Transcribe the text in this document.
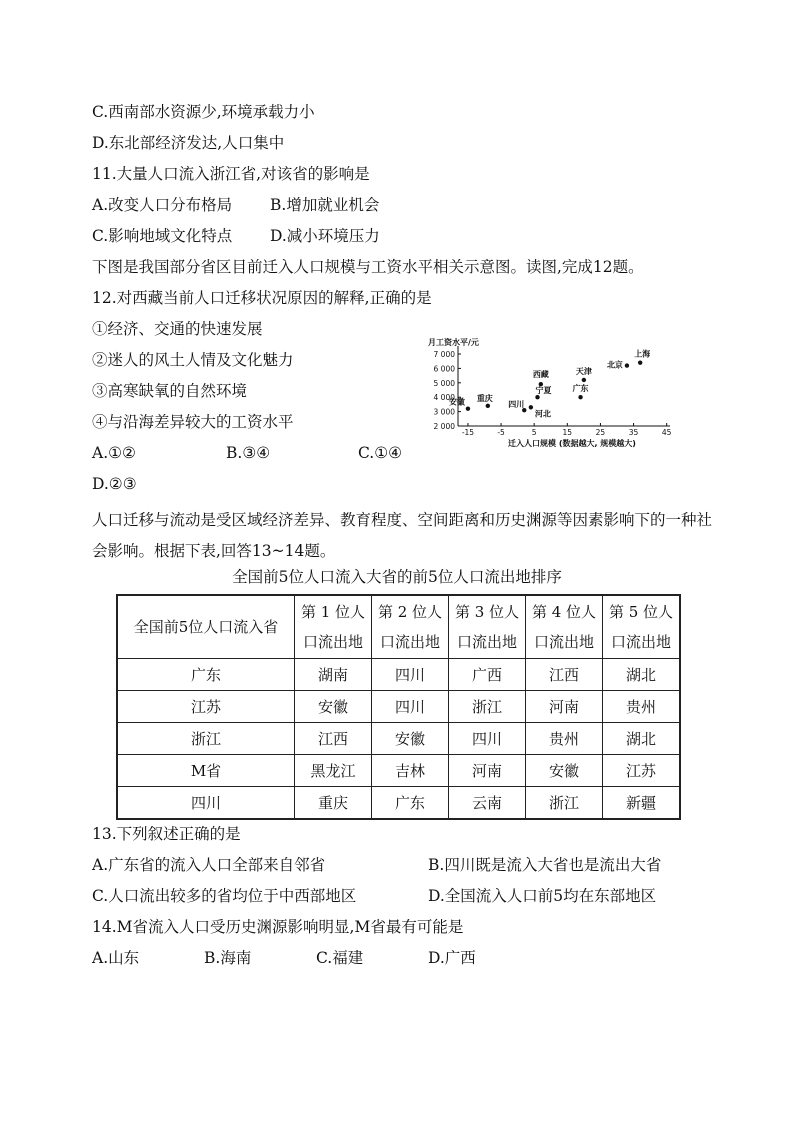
C.西南部水资源少,环境承载力小
D.东北部经济发达,人口集中
11.大量人口流入浙江省,对该省的影响是
A.改变人口分布格局 B.增加就业机会
C.影响地域文化特点 D.减小环境压力
下图是我国部分省区目前迁入人口规模与工资水平相关示意图。读图,完成12题。
12.对西藏当前人口迁移状况原因的解释,正确的是
①经济、交通的快速发展
②迷人的风土人情及文化魅力
③高寒缺氧的自然环境
④与沿海差异较大的工资水平
A.①②	B.③④	C.①④
D.②③
月工资水平/元
2 000
3 000
4 000
5 000
6 000
7 000
-15	-5	5	15	25	35	45
迁入人口规模 (数据越大, 规模越大)
安徽 重庆
四川
河北
宁夏
西藏	天津
广东
北京
上海
人口迁移与流动是受区域经济差异、教育程度、空间距离和历史渊源等因素影响下的一种社会影响。根据下表,回答13~14题。
全国前5位人口流入大省的前5位人口流出地排序
全国前5位人口流入省	第 1 位人口流出地	第 2 位人口流出地	第 3 位人口流出地	第 4 位人口流出地	第 5 位人口流出地
广东	湖南	四川	广西	江西	湖北
江苏	安徽	四川	浙江	河南	贵州
浙江	江西	安徽	四川	贵州	湖北
M省	黑龙江	吉林	河南	安徽	江苏
四川	重庆	广东	云南	浙江	新疆
13.下列叙述正确的是
A.广东省的流入人口全部来自邻省	B.四川既是流入大省也是流出大省
C.人口流出较多的省均位于中西部地区	D.全国流入人口前5均在东部地区
14.M省流入人口受历史渊源影响明显,M省最有可能是
A.山东	B.海南	C.福建	D.广西
